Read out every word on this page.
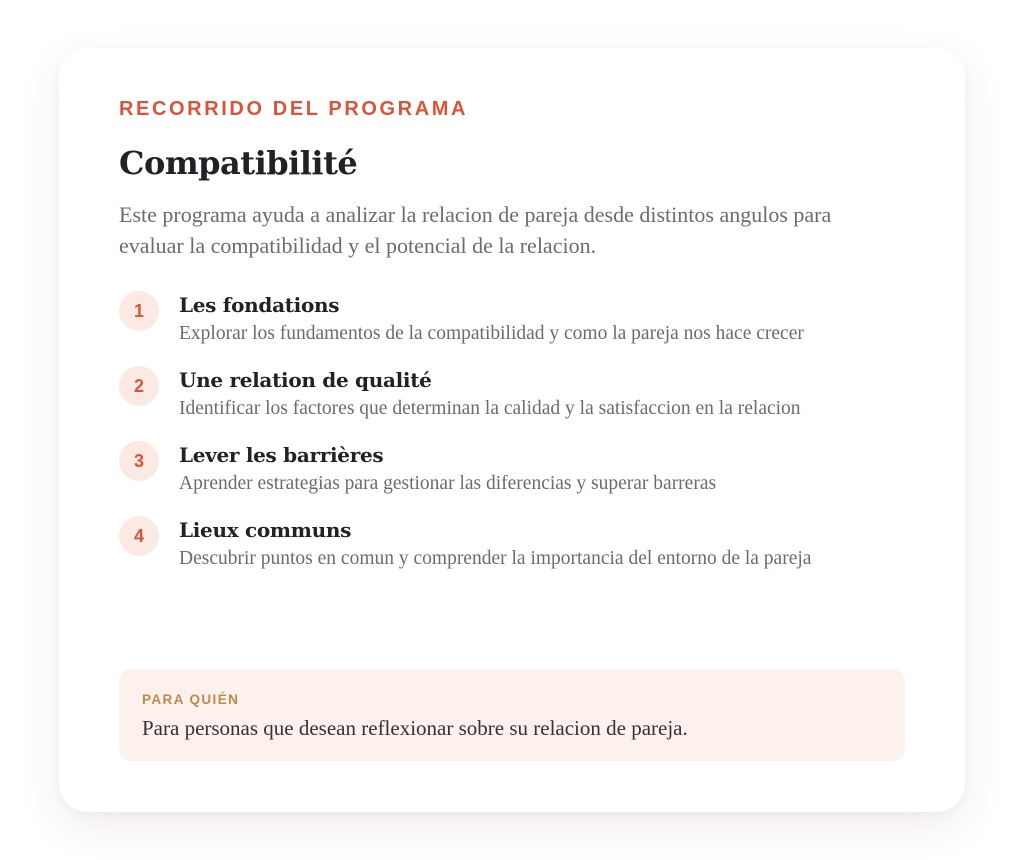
RECORRIDO DEL PROGRAMA

Compatibilité

Este programa ayuda a analizar la relacion de pareja desde distintos angulos para evaluar la compatibilidad y el potencial de la relacion.

1	Les fondations
Explorar los fundamentos de la compatibilidad y como la pareja nos hace crecer
2	Une relation de qualité
Identificar los factores que determinan la calidad y la satisfaccion en la relacion
3	Lever les barrières
Aprender estrategias para gestionar las diferencias y superar barreras
4	Lieux communs
Descubrir puntos en comun y comprender la importancia del entorno de la pareja
PARA QUIÉN
Para personas que desean reflexionar sobre su relacion de pareja.
